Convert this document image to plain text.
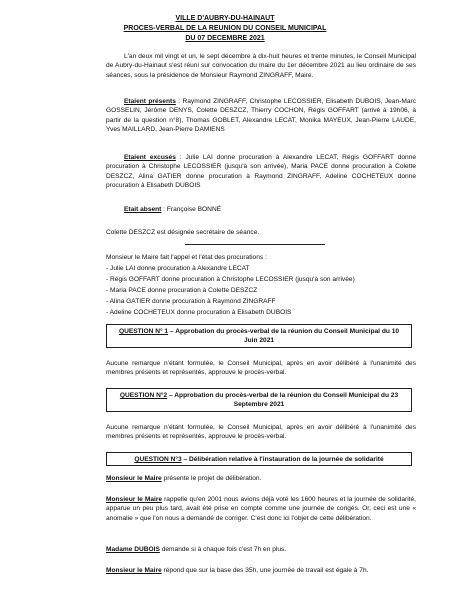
VILLE D'AUBRY-DU-HAINAUT
PROCES-VERBAL DE LA REUNION DU CONSEIL MUNICIPAL
DU 07 DECEMBRE 2021

L'an deux mil vingt et un, le sept décembre à dix-huit heures et trente minutes, le Conseil Municipal de Aubry-du-Hainaut s'est réuni sur convocation du maire du 1er décembre 2021 au lieu ordinaire de ses séances, sous la présidence de Monsieur Raymond ZINGRAFF, Maire.

Etaient présents : Raymond ZINGRAFF, Christophe LECOSSIER, Elisabeth DUBOIS, Jean-Marc GOSSELIN, Jérôme DENYS, Colette DESZCZ, Thierry COCHON, Régis GOFFART (arrivé à 19h06, à partir de la question n°8), Thomas GOBLET, Alexandre LECAT, Monika MAYEUX, Jean-Pierre LAUDE, Yves MAILLARD, Jean-Pierre DAMIENS

Etaient excusés : Julie LAI donne procuration à Alexandre LECAT, Régis GOFFART donne procuration à Christophe LECOSSIER (jusqu'à son arrivée), Maria PACE donne procuration à Colette DESZCZ, Alina GATIER donne procuration à Raymond ZINGRAFF, Adeline COCHETEUX donne procuration à Elisabeth DUBOIS

Etait absent : Françoise BONNÉ

Colette DESZCZ est désignée secrétaire de séance.

Monsieur le Maire fait l'appel et l'état des procurations :

- Julie LAI donne procuration à Alexandre LECAT
- Régis GOFFART donne procuration à Christophe LECOSSIER (jusqu'à son arrivée)
- Maria PACE donne procuration à Colette DESZCZ
- Alina GATIER donne procuration à Raymond ZINGRAFF
- Adeline COCHETEUX donne procuration à Elisabeth DUBOIS
QUESTION N° 1 – Approbation du procès-verbal de la réunion du Conseil Municipal du 10 Juin 2021

Aucune remarque n'étant formulée, le Conseil Municipal, après en avoir délibéré à l'unanimité des membres présents et représentés, approuve le procès-verbal.

QUESTION N°2 – Approbation du procès-verbal de la réunion du Conseil Municipal du 23 Septembre 2021

Aucune remarque n'étant formulée, le Conseil Municipal, après en avoir délibéré à l'unanimité des membres présents et représentés, approuve le procès-verbal.

QUESTION N°3 – Délibération relative à l'instauration de la journée de solidarité

Monsieur le Maire présente le projet de délibération.

Monsieur le Maire rappelle qu'en 2001 nous avions déjà voté les 1600 heures et la journée de solidarité, apparue un peu plus tard, avait été prise en compte comme une journée de congés. Or, ceci est une « anomalie » que l'on nous a demandé de corriger. C'est donc ici l'objet de cette délibération.

Madame DUBOIS demande si à chaque fois c'est 7h en plus.

Monsieur le Maire répond que sur la base des 35h, une journée de travail est égale à 7h.
